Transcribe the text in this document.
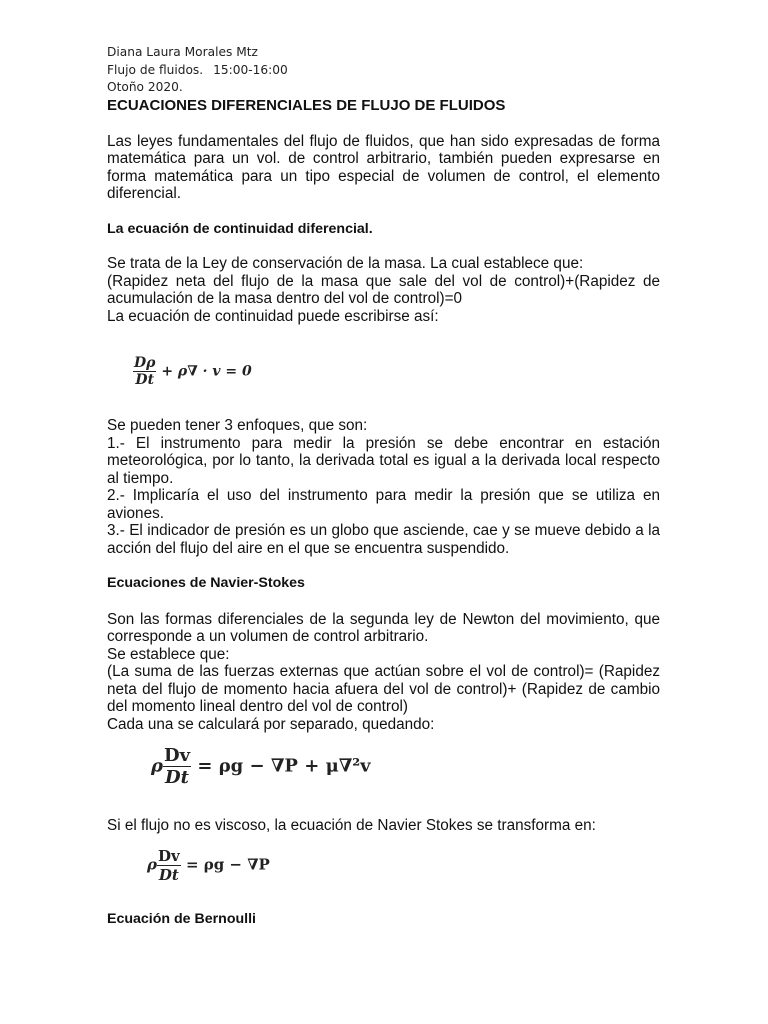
Diana Laura Morales Mtz
Flujo de fluidos. 15:00-16:00
Otoño 2020.
ECUACIONES DIFERENCIALES DE FLUJO DE FLUIDOS
Las leyes fundamentales del flujo de fluidos, que han sido expresadas de forma matemática para un vol. de control arbitrario, también pueden expresarse en forma matemática para un tipo especial de volumen de control, el elemento diferencial.
La ecuación de continuidad diferencial.
Se trata de la Ley de conservación de la masa. La cual establece que:
(Rapidez neta del flujo de la masa que sale del vol de control)+(Rapidez de acumulación de la masa dentro del vol de control)=0
La ecuación de continuidad puede escribirse así:
$\frac{D\rho}{Dt} + \rho\nabla \cdot v = 0$
Se pueden tener 3 enfoques, que son:
1.- El instrumento para medir la presión se debe encontrar en estación meteorológica, por lo tanto, la derivada total es igual a la derivada local respecto al tiempo.
2.- Implicaría el uso del instrumento para medir la presión que se utiliza en aviones.
3.- El indicador de presión es un globo que asciende, cae y se mueve debido a la acción del flujo del aire en el que se encuentra suspendido.
Ecuaciones de Navier-Stokes
Son las formas diferenciales de la segunda ley de Newton del movimiento, que corresponde a un volumen de control arbitrario.
Se establece que:
(La suma de las fuerzas externas que actúan sobre el vol de control)= (Rapidez neta del flujo de momento hacia afuera del vol de control)+ (Rapidez de cambio del momento lineal dentro del vol de control)
Cada una se calculará por separado, quedando:
ρ $\frac{Dv}{Dt} = \rho g - \nabla P + \mu\nabla^2v$
Si el flujo no es viscoso, la ecuación de Navier Stokes se transforma en:
ρ $\frac{Dv}{Dt} = \rho g - \nabla P$
Ecuación de Bernoulli
